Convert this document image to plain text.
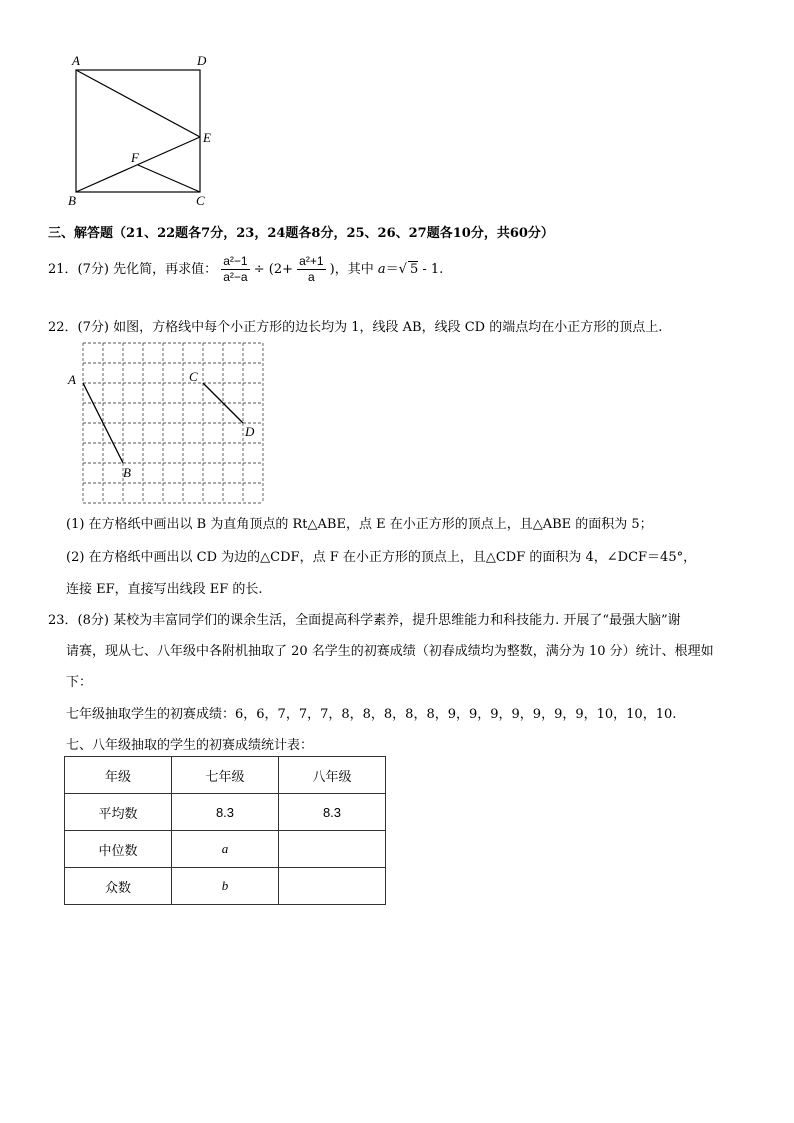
A	D
E
F
B	C
三、解答题（21、22题各7分，23，24题各8分，25、26、27题各10分，共60分）
21．(7分) 先化简，再求值： $\frac{\text{a²−1}}{\text{a²−a}} \div (2+ \frac{\text{a²+1}}{a}$ )，其中 a＝√ 5 - 1.
22．(7分) 如图，方格线中每个小正方形的边长均为 1，线段 AB，线段 CD 的端点均在小正方形的顶点上.
A
B
C
D
(1) 在方格纸中画出以 B 为直角顶点的 Rt△ABE，点 E 在小正方形的顶点上，且△ABE 的面积为 5；
(2) 在方格纸中画出以 CD 为边的△CDF，点 F 在小正方形的顶点上，且△CDF 的面积为 4，∠DCF＝45°，
连接 EF，直接写出线段 EF 的长.
23．(8分) 某校为丰富同学们的课余生活，全面提高科学素养，提升思维能力和科技能力. 开展了“最强大脑”谢
请赛，现从七、八年级中各附机抽取了 20 名学生的初赛成绩（初春成绩均为整数，满分为 10 分）统计、根理如
下：
七年级抽取学生的初赛成绩：6，6，7，7，7，8，8，8，8，8，9，9，9，9，9，9，9，10，10，10.
七、八年级抽取的学生的初赛成绩统计表：
年级	七年级	八年级
平均数	8.3	8.3
中位数	a	
众数	b	
